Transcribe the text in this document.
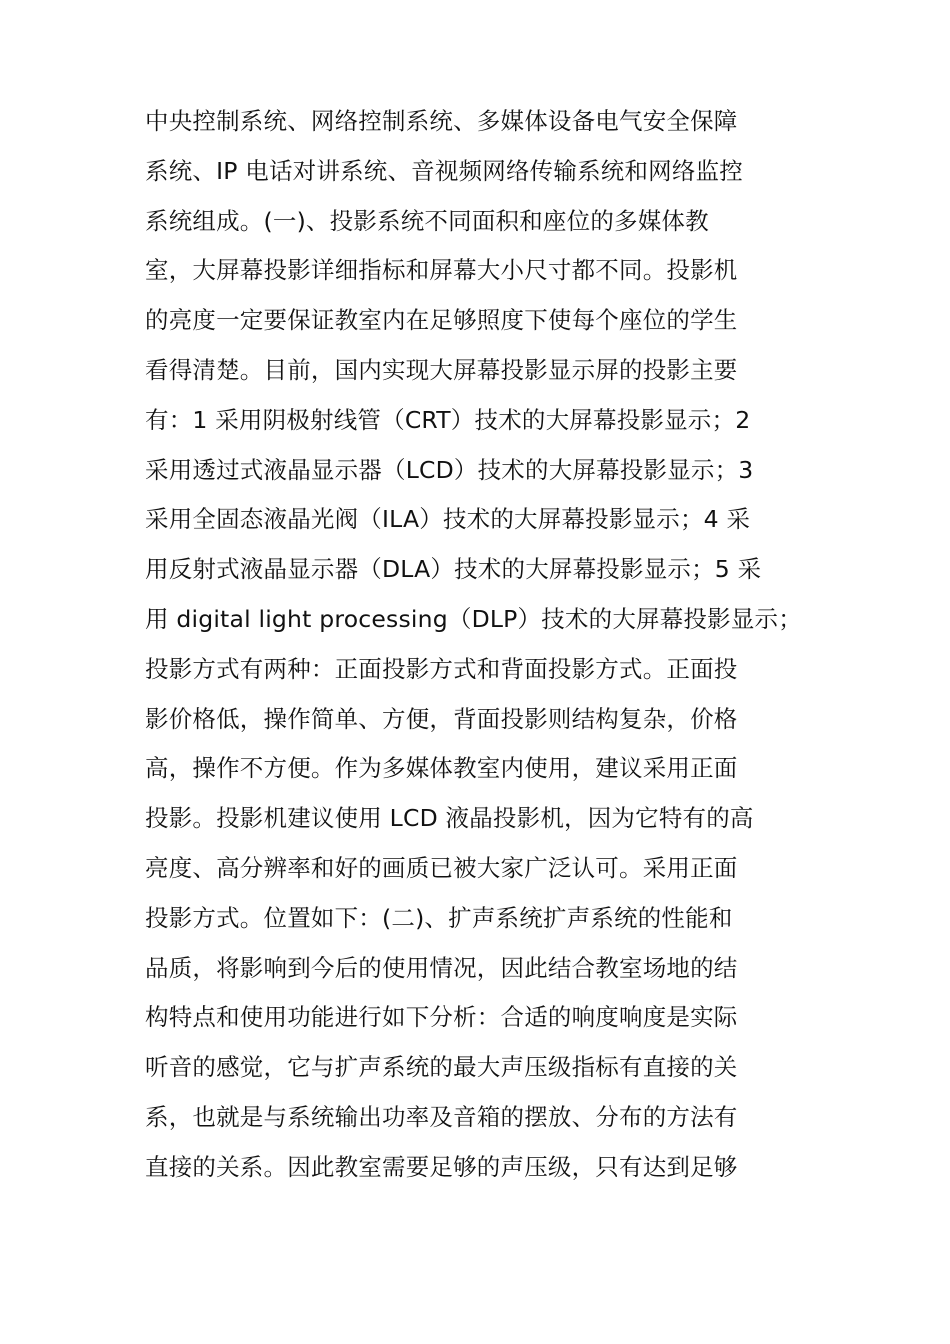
中央控制系统、网络控制系统、多媒体设备电气安全保障
系统、IP 电话对讲系统、音视频网络传输系统和网络监控
系统组成。(一)、投影系统不同面积和座位的多媒体教
室，大屏幕投影详细指标和屏幕大小尺寸都不同。投影机
的亮度一定要保证教室内在足够照度下使每个座位的学生
看得清楚。目前，国内实现大屏幕投影显示屏的投影主要
有：1 采用阴极射线管（CRT）技术的大屏幕投影显示；2
采用透过式液晶显示器（LCD）技术的大屏幕投影显示；3
采用全固态液晶光阀（ILA）技术的大屏幕投影显示；4 采
用反射式液晶显示器（DLA）技术的大屏幕投影显示；5 采
用 digital light processing（DLP）技术的大屏幕投影显示；
投影方式有两种：正面投影方式和背面投影方式。正面投
影价格低，操作简单、方便，背面投影则结构复杂，价格
高，操作不方便。作为多媒体教室内使用，建议采用正面
投影。投影机建议使用 LCD 液晶投影机，因为它特有的高
亮度、高分辨率和好的画质已被大家广泛认可。采用正面
投影方式。位置如下：(二)、扩声系统扩声系统的性能和
品质，将影响到今后的使用情况，因此结合教室场地的结
构特点和使用功能进行如下分析：合适的响度响度是实际
听音的感觉，它与扩声系统的最大声压级指标有直接的关
系，也就是与系统输出功率及音箱的摆放、分布的方法有
直接的关系。因此教室需要足够的声压级，只有达到足够
